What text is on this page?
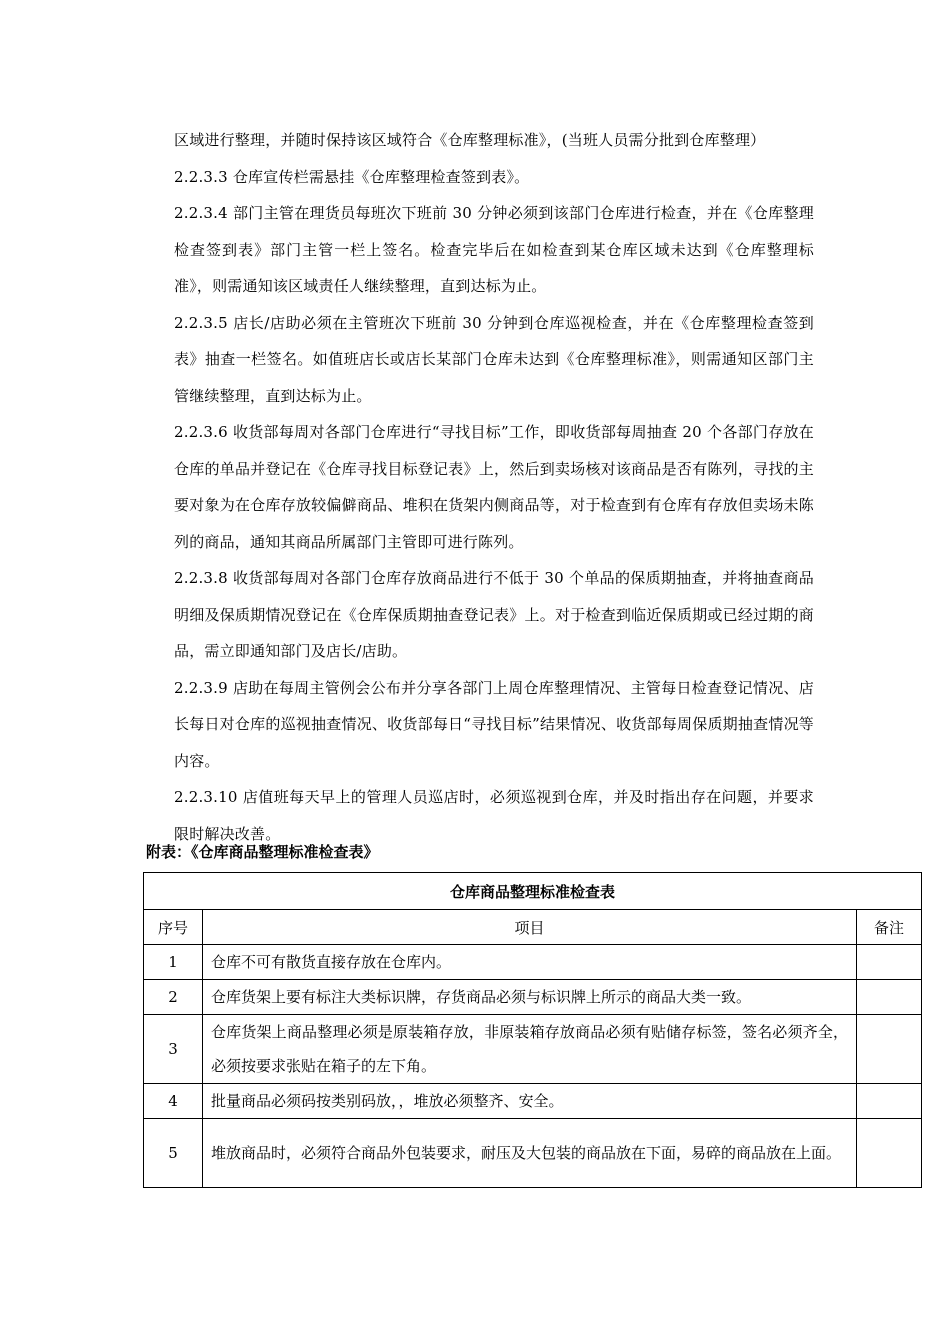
区域进行整理，并随时保持该区域符合《仓库整理标准》，(当班人员需分批到仓库整理）

2.2.3.3 仓库宣传栏需悬挂《仓库整理检查签到表》。

2.2.3.4 部门主管在理货员每班次下班前 30 分钟必须到该部门仓库进行检查，并在《仓库整理检查签到表》部门主管一栏上签名。检查完毕后在如检查到某仓库区域未达到《仓库整理标准》，则需通知该区域责任人继续整理，直到达标为止。

2.2.3.5 店长/店助必须在主管班次下班前 30 分钟到仓库巡视检查，并在《仓库整理检查签到表》抽查一栏签名。如值班店长或店长某部门仓库未达到《仓库整理标准》，则需通知区部门主管继续整理，直到达标为止。

2.2.3.6 收货部每周对各部门仓库进行“寻找目标”工作，即收货部每周抽查 20 个各部门存放在仓库的单品并登记在《仓库寻找目标登记表》上，然后到卖场核对该商品是否有陈列，寻找的主要对象为在仓库存放较偏僻商品、堆积在货架内侧商品等，对于检查到有仓库有存放但卖场未陈列的商品，通知其商品所属部门主管即可进行陈列。

2.2.3.8 收货部每周对各部门仓库存放商品进行不低于 30 个单品的保质期抽查，并将抽查商品明细及保质期情况登记在《仓库保质期抽查登记表》上。对于检查到临近保质期或已经过期的商品，需立即通知部门及店长/店助。

2.2.3.9 店助在每周主管例会公布并分享各部门上周仓库整理情况、主管每日检查登记情况、店长每日对仓库的巡视抽查情况、收货部每日“寻找目标”结果情况、收货部每周保质期抽查情况等内容。

2.2.3.10 店值班每天早上的管理人员巡店时，必须巡视到仓库，并及时指出存在问题，并要求限时解决改善。

附表：《仓库商品整理标准检查表》
仓库商品整理标准检查表		
序号	项目	备注
1	仓库不可有散货直接存放在仓库内。	
2	仓库货架上要有标注大类标识牌，存货商品必须与标识牌上所示的商品大类一致。	
3	仓库货架上商品整理必须是原装箱存放，非原装箱存放商品必须有贴储存标签，签名必须齐全，必须按要求张贴在箱子的左下角。	
4	批量商品必须码按类别码放，，堆放必须整齐、安全。	
5	堆放商品时，必须符合商品外包装要求，耐压及大包装的商品放在下面，易碎的商品放在上面。	
